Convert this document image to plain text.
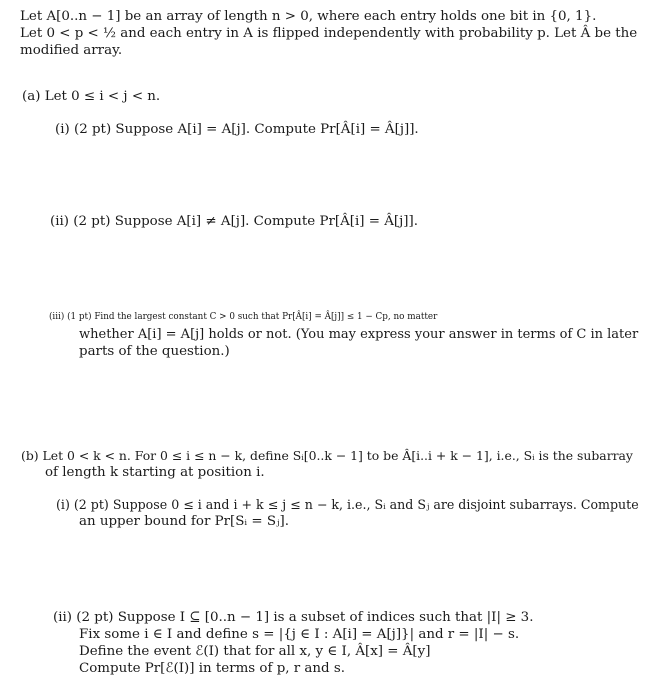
Let A[0..n − 1] be an array of length n > 0, where each entry holds one bit in {0, 1}.
Let 0 < p < ½ and each entry in A is flipped independently with probability p. Let Â be the
modified array.
(a) Let 0 ≤ i < j < n.
(i) (2 pt) Suppose A[i] = A[j]. Compute Pr[Â[i] = Â[j]].
(ii) (2 pt) Suppose A[i] ≠ A[j]. Compute Pr[Â[i] = Â[j]].
(iii) (1 pt) Find the largest constant C > 0 such that Pr[Â[i] = Â[j]] ≤ 1 − Cp, no matter
whether A[i] = A[j] holds or not. (You may express your answer in terms of C in later
parts of the question.)
(b) Let 0 < k < n. For 0 ≤ i ≤ n − k, define Sᵢ[0..k − 1] to be Â[i..i + k − 1], i.e., Sᵢ is the subarray
of length k starting at position i.
(i) (2 pt) Suppose 0 ≤ i and i + k ≤ j ≤ n − k, i.e., Sᵢ and Sⱼ are disjoint subarrays. Compute
an upper bound for Pr[Sᵢ = Sⱼ].
(ii) (2 pt) Suppose I ⊆ [0..n − 1] is a subset of indices such that |I| ≥ 3.
Fix some i ∈ I and define s = |{j ∈ I : A[i] = A[j]}| and r = |I| − s.
Define the event ℰ(I) that for all x, y ∈ I, Â[x] = Â[y]
Compute Pr[ℰ(I)] in terms of p, r and s.
